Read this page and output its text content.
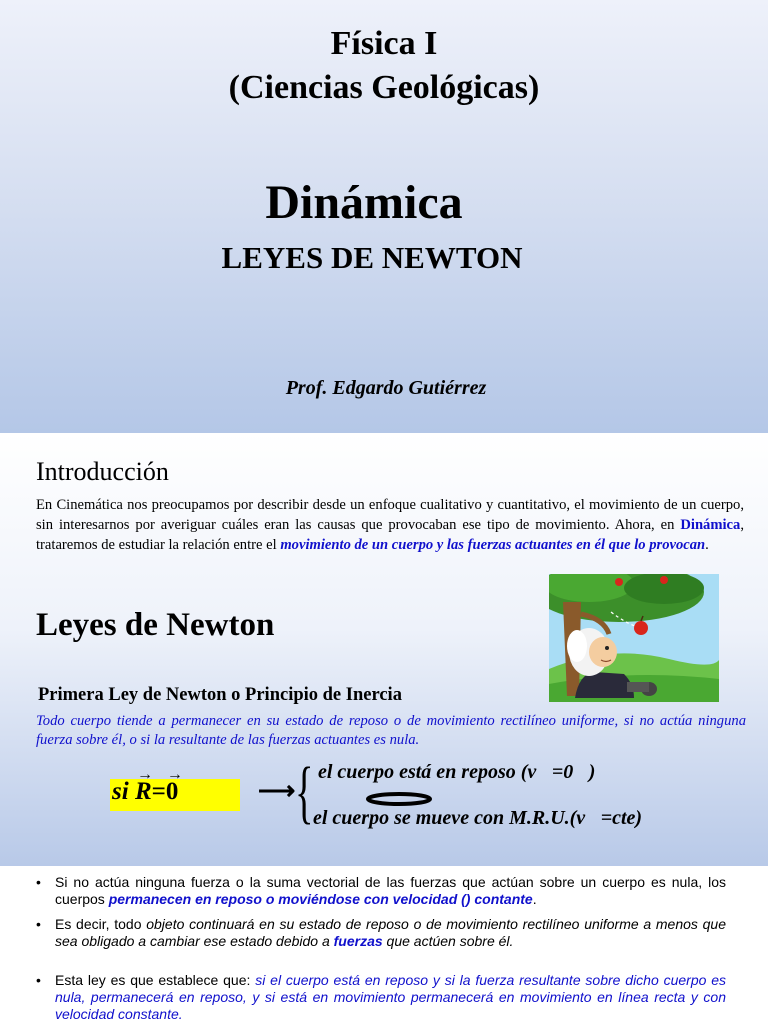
Física I
(Ciencias Geológicas)
Dinámica
LEYES DE NEWTON
Prof. Edgardo Gutiérrez
Introducción
En Cinemática nos preocupamos por describir desde un enfoque cualitativo y cuantitativo, el movimiento de un cuerpo, sin interesarnos por averiguar cuáles eran las causas que provocaban ese tipo de movimiento. Ahora, en Dinámica, trataremos de estudiar la relación entre el movimiento de un cuerpo y las fuerzas actuantes en él que lo provocan.
Leyes de Newton
Primera Ley de Newton o Principio de Inercia
Todo cuerpo tiende a permanecer en su estado de reposo o de movimiento rectilíneo uniforme, si no actúa ninguna fuerza sobre él, o si la resultante de las fuerzas actuantes es nula.
si
→
R=
→
0	⟶ { el cuerpo está en reposo (v⃗=0⃗)
el cuerpo se mueve con M.R.U.(v⃗=cte)
• Si no actúa ninguna fuerza o la suma vectorial de las fuerzas que actúan sobre un cuerpo es nula, los cuerpos permanecen en reposo o moviéndose con velocidad () contante.
• Es decir, todo objeto continuará en su estado de reposo o de movimiento rectilíneo uniforme a menos que sea obligado a cambiar ese estado debido a fuerzas que actúen sobre él.
• Esta ley es que establece que: si el cuerpo está en reposo y si la fuerza resultante sobre dicho cuerpo es nula, permanecerá en reposo, y si está en movimiento permanecerá en movimiento en línea recta y con velocidad constante.
